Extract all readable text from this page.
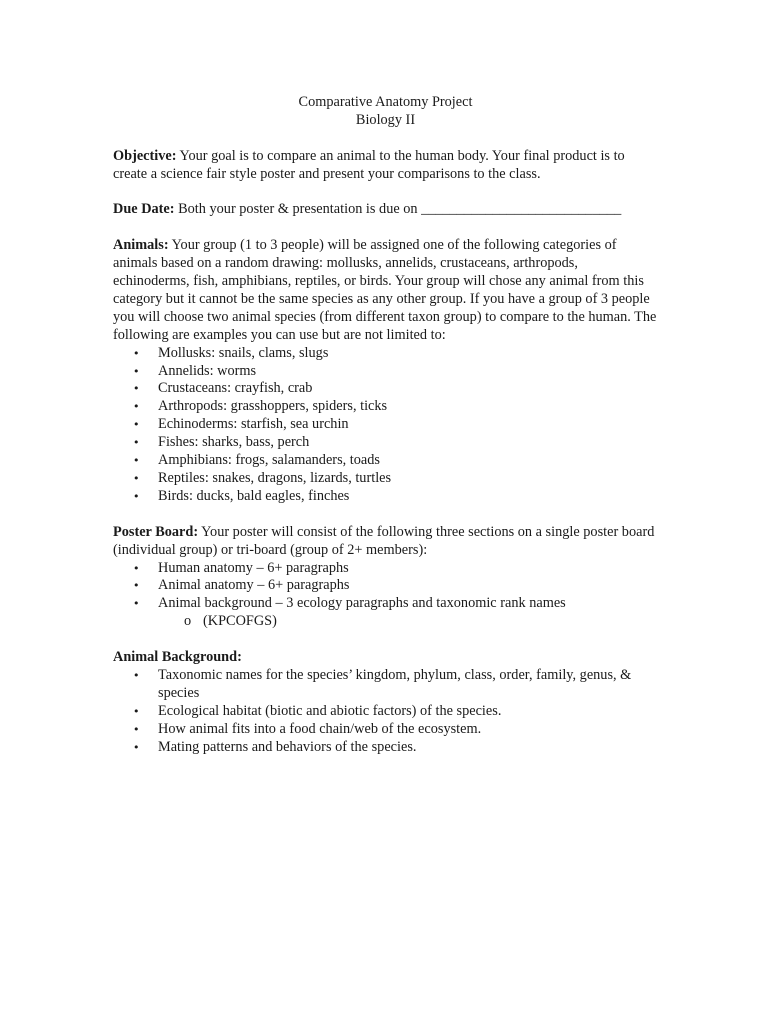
Comparative Anatomy Project

Biology II

Objective: Your goal is to compare an animal to the human body. Your final product is to create a science fair style poster and present your comparisons to the class.

Due Date: Both your poster & presentation is due on ____________________________

Animals: Your group (1 to 3 people) will be assigned one of the following categories of animals based on a random drawing: mollusks, annelids, crustaceans, arthropods, echinoderms, fish, amphibians, reptiles, or birds. Your group will chose any animal from this category but it cannot be the same species as any other group. If you have a group of 3 people you will choose two animal species (from different taxon group) to compare to the human. The following are examples you can use but are not limited to:

• Mollusks: snails, clams, slugs
• Annelids: worms
• Crustaceans: crayfish, crab
• Arthropods: grasshoppers, spiders, ticks
• Echinoderms: starfish, sea urchin
• Fishes: sharks, bass, perch
• Amphibians: frogs, salamanders, toads
• Reptiles: snakes, dragons, lizards, turtles
• Birds: ducks, bald eagles, finches

Poster Board: Your poster will consist of the following three sections on a single poster board (individual group) or tri-board (group of 2+ members):

• Human anatomy – 6+ paragraphs
• Animal anatomy – 6+ paragraphs
• Animal background – 3 ecology paragraphs and taxonomic rank names
o (KPCOFGS)

Animal Background:

• Taxonomic names for the species’ kingdom, phylum, class, order, family, genus, & species
• Ecological habitat (biotic and abiotic factors) of the species.
• How animal fits into a food chain/web of the ecosystem.
• Mating patterns and behaviors of the species.
